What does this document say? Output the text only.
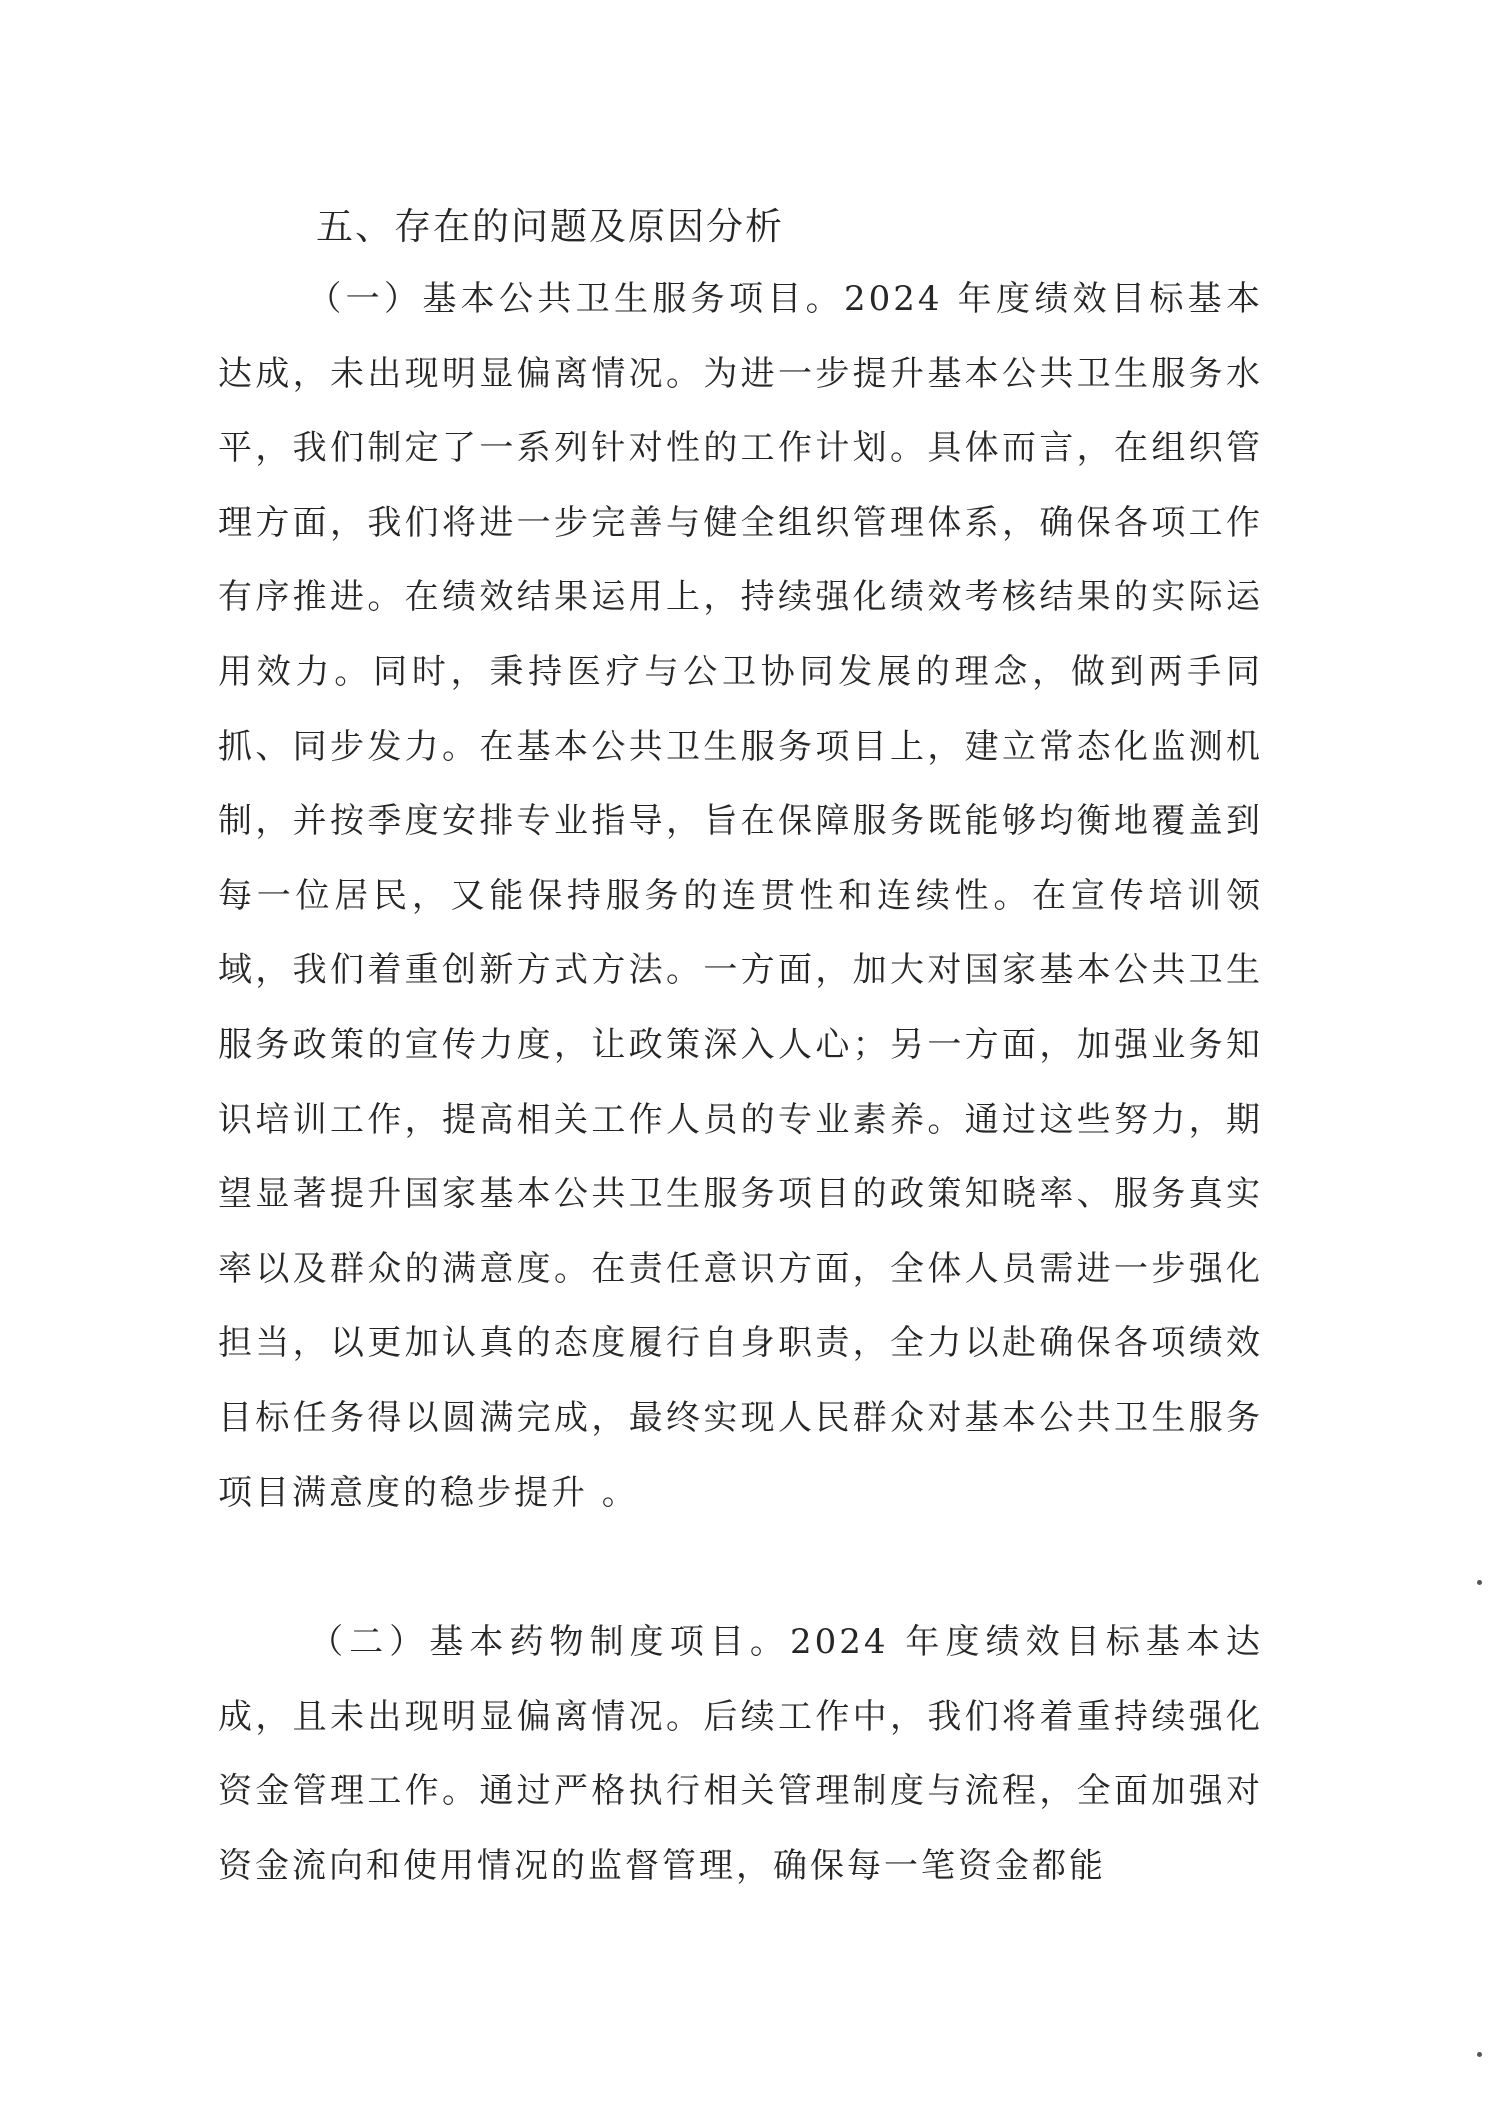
五、存在的问题及原因分析
（一）基本公共卫生服务项目。2024 年度绩效目标基本达成，未出现明显偏离情况。为进一步提升基本公共卫生服务水平，我们制定了一系列针对性的工作计划。具体而言，在组织管理方面，我们将进一步完善与健全组织管理体系，确保各项工作有序推进。在绩效结果运用上，持续强化绩效考核结果的实际运用效力。同时，秉持医疗与公卫协同发展的理念，做到两手同抓、同步发力。在基本公共卫生服务项目上，建立常态化监测机制，并按季度安排专业指导，旨在保障服务既能够均衡地覆盖到每一位居民，又能保持服务的连贯性和连续性。在宣传培训领域，我们着重创新方式方法。一方面，加大对国家基本公共卫生服务政策的宣传力度，让政策深入人心；另一方面，加强业务知识培训工作，提高相关工作人员的专业素养。通过这些努力，期望显著提升国家基本公共卫生服务项目的政策知晓率、服务真实率以及群众的满意度。在责任意识方面，全体人员需进一步强化担当，以更加认真的态度履行自身职责，全力以赴确保各项绩效目标任务得以圆满完成，最终实现人民群众对基本公共卫生服务项目满意度的稳步提升 。
（二）基本药物制度项目。2024 年度绩效目标基本达成，且未出现明显偏离情况。后续工作中，我们将着重持续强化资金管理工作。通过严格执行相关管理制度与流程，全面加强对资金流向和使用情况的监督管理，确保每一笔资金都能
